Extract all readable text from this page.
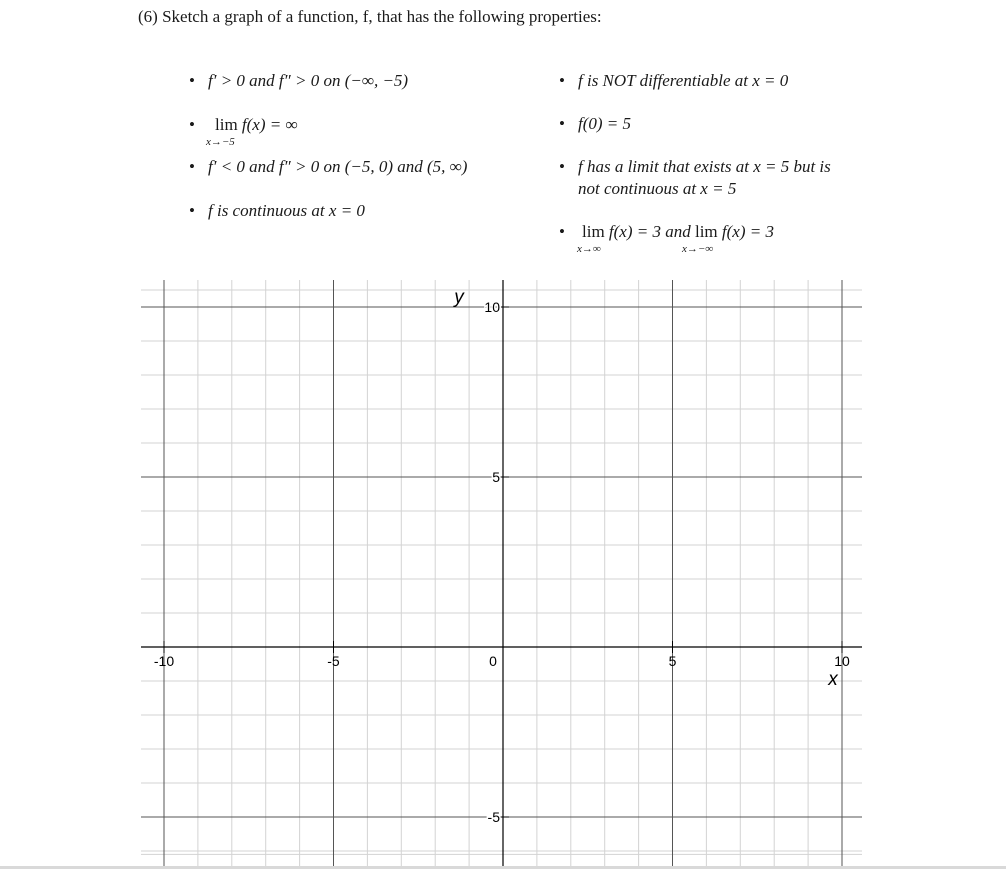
(6) Sketch a graph of a function, f, that has the following properties:
• f′ > 0 and f″ > 0 on (−∞, −5)
• lim
x→−5
f(x) = ∞
• f′ < 0 and f″ > 0 on (−5, 0) and (5, ∞)
• f is continuous at x = 0
• f is NOT differentiable at x = 0
• f(0) = 5
• f has a limit that exists at x = 5 but is
not continuous at x = 5
• lim
x→∞
f(x) = 3 and lim
x→−∞
f(x) = 3
-10	-5	0	5	10
10
5
-5
y
x
